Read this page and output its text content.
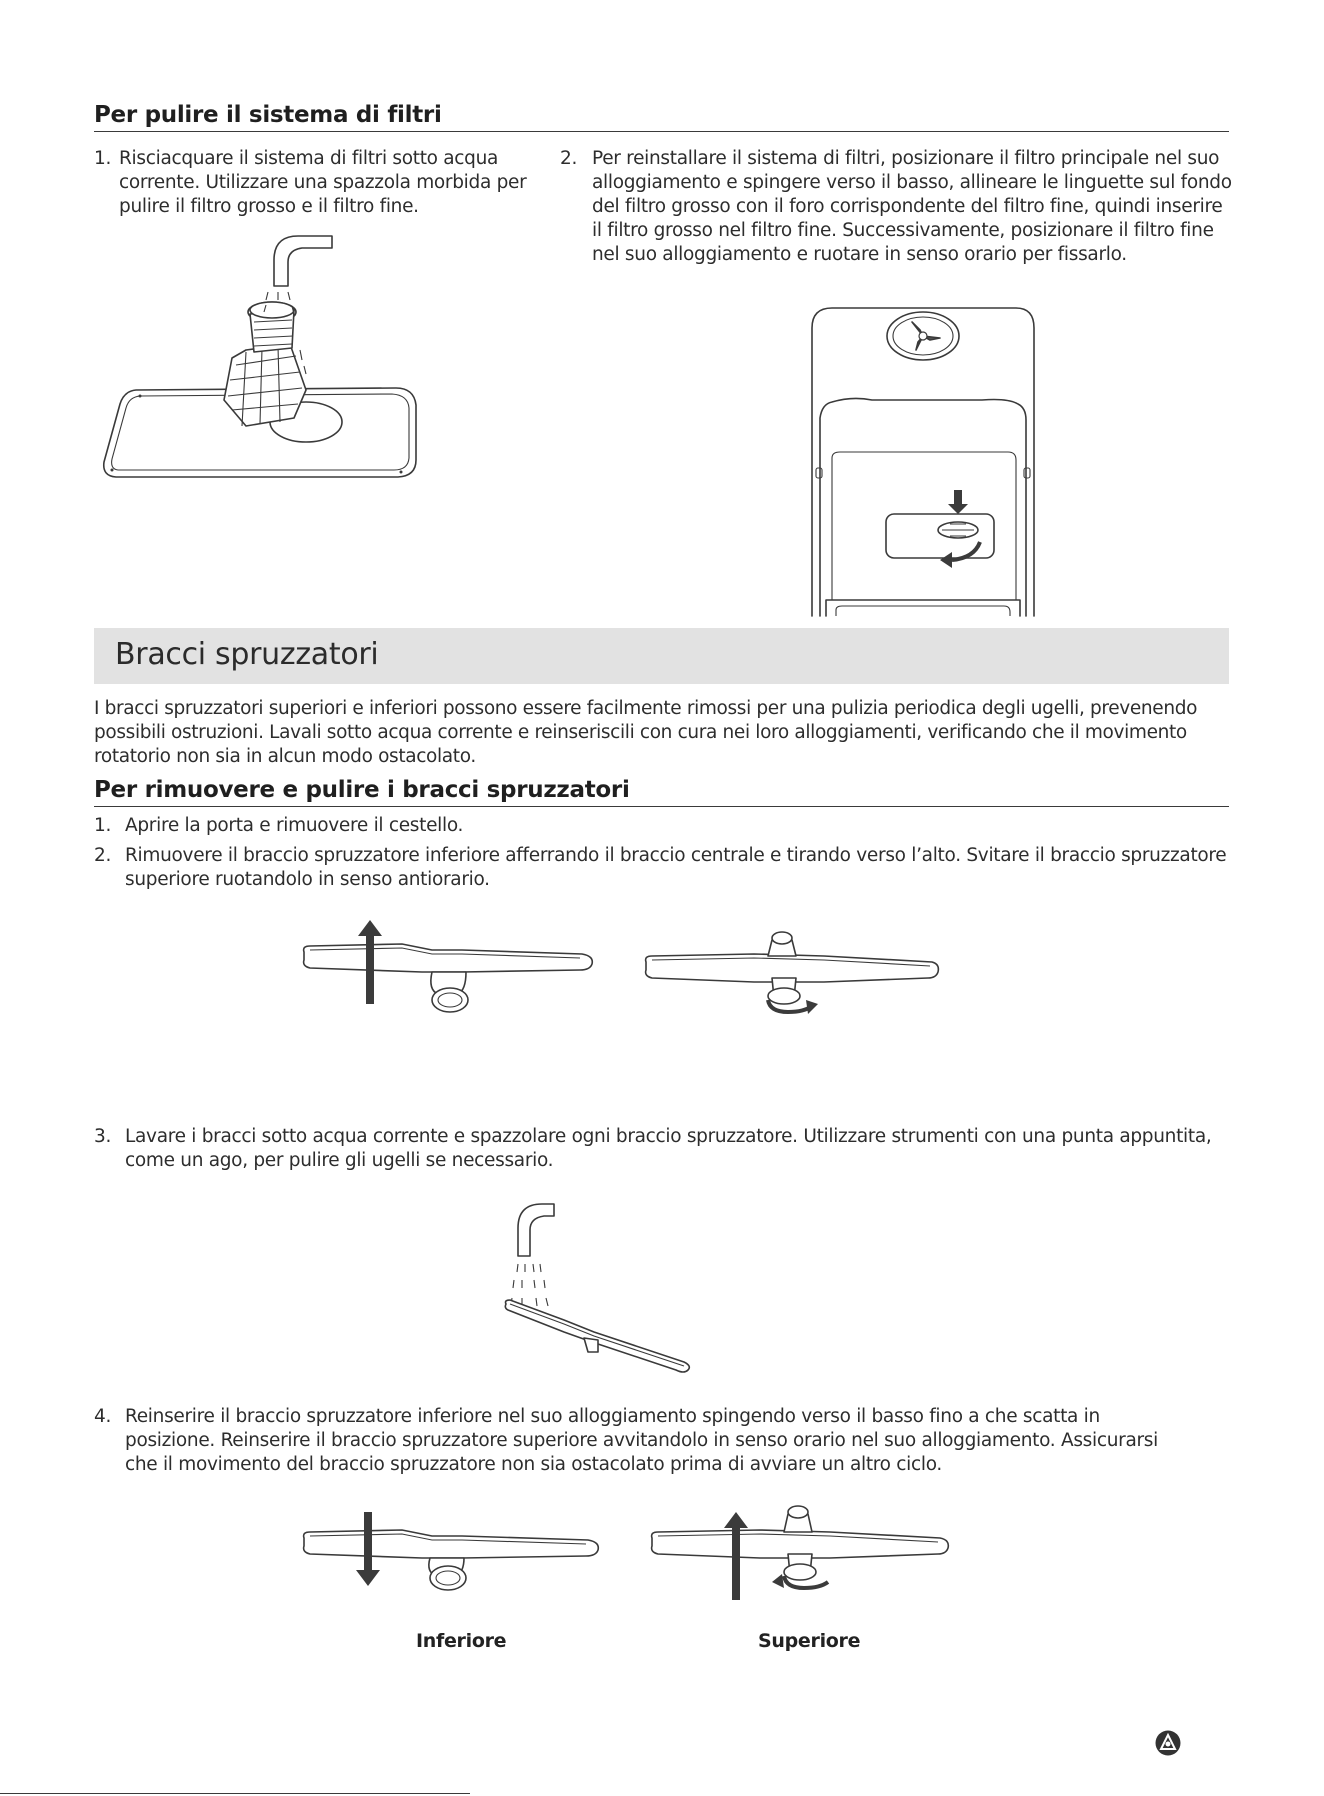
Per pulire il sistema di filtri
1. Risciacquare il sistema di filtri sotto acqua corrente. Utilizzare una spazzola morbida per pulire il filtro grosso e il filtro fine.
2. Per reinstallare il sistema di filtri, posizionare il filtro principale nel suo alloggiamento e spingere verso il basso, allineare le linguette sul fondo del filtro grosso con il foro corrispondente del filtro fine, quindi inserire il filtro grosso nel filtro fine. Successivamente, posizionare il filtro fine nel suo alloggiamento e ruotare in senso orario per fissarlo.
Bracci spruzzatori
I bracci spruzzatori superiori e inferiori possono essere facilmente rimossi per una pulizia periodica degli ugelli, prevenendo possibili ostruzioni. Lavali sotto acqua corrente e reinseriscili con cura nei loro alloggiamenti, verificando che il movimento rotatorio non sia in alcun modo ostacolato.
Per rimuovere e pulire i bracci spruzzatori
1. Aprire la porta e rimuovere il cestello.
2. Rimuovere il braccio spruzzatore inferiore afferrando il braccio centrale e tirando verso l’alto. Svitare il braccio spruzzatore superiore ruotandolo in senso antiorario.
3. Lavare i bracci sotto acqua corrente e spazzolare ogni braccio spruzzatore. Utilizzare strumenti con una punta appuntita, come un ago, per pulire gli ugelli se necessario.
4. Reinserire il braccio spruzzatore inferiore nel suo alloggiamento spingendo verso il basso fino a che scatta in posizione. Reinserire il braccio spruzzatore superiore avvitandolo in senso orario nel suo alloggiamento. Assicurarsi che il movimento del braccio spruzzatore non sia ostacolato prima di avviare un altro ciclo.
Inferiore	Superiore
